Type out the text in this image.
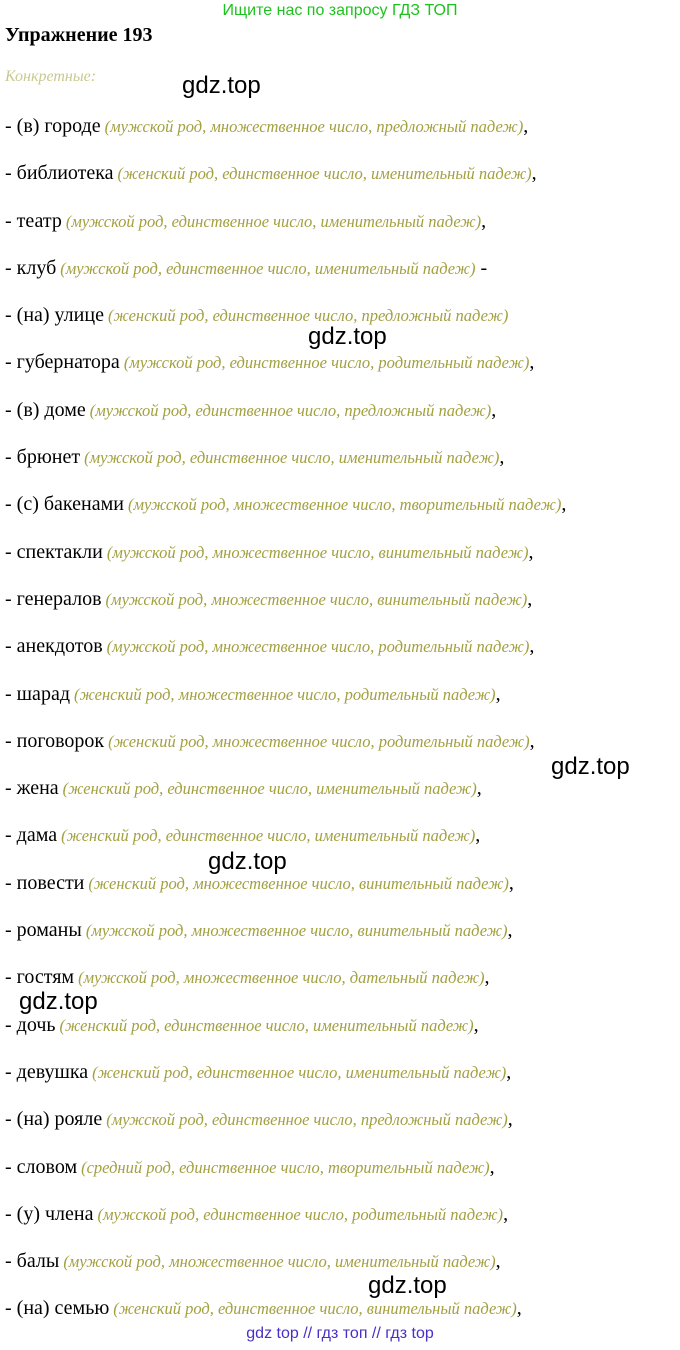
Ищите нас по запросу ГДЗ ТОП
Упражнение 193
Конкретные:
- (в) городе (мужской род, множественное число, предложный падеж),
- библиотека (женский род, единственное число, именительный падеж),
- театр (мужской род, единственное число, именительный падеж),
- клуб (мужской род, единственное число, именительный падеж) -
- (на) улице (женский род, единственное число, предложный падеж)
- губернатора (мужской род, единственное число, родительный падеж),
- (в) доме (мужской род, единственное число, предложный падеж),
- брюнет (мужской род, единственное число, именительный падеж),
- (с) бакенами (мужской род, множественное число, творительный падеж),
- спектакли (мужской род, множественное число, винительный падеж),
- генералов (мужской род, множественное число, винительный падеж),
- анекдотов (мужской род, множественное число, родительный падеж),
- шарад (женский род, множественное число, родительный падеж),
- поговорок (женский род, множественное число, родительный падеж),
- жена (женский род, единственное число, именительный падеж),
- дама (женский род, единственное число, именительный падеж),
- повести (женский род, множественное число, винительный падеж),
- романы (мужской род, множественное число, винительный падеж),
- гостям (мужской род, множественное число, дательный падеж),
- дочь (женский род, единственное число, именительный падеж),
- девушка (женский род, единственное число, именительный падеж),
- (на) рояле (мужской род, единственное число, предложный падеж),
- словом (средний род, единственное число, творительный падеж),
- (у) члена (мужской род, единственное число, родительный падеж),
- балы (мужской род, множественное число, именительный падеж),
- (на) семью (женский род, единственное число, винительный падеж),
gdz.top
gdz.top
gdz.top
gdz.top
gdz.top
gdz.top
gdz top // гдз топ // гдз top
